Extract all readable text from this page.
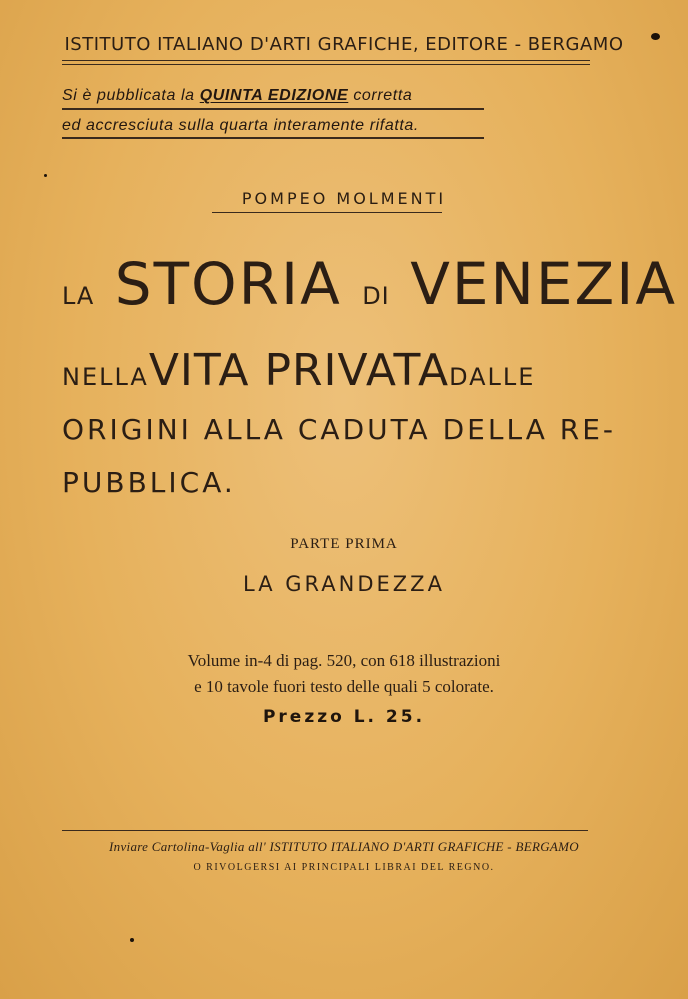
ISTITUTO ITALIANO D'ARTI GRAFICHE, EDITORE - BERGAMO
Si è pubblicata la QUINTA EDIZIONE corretta
ed accresciuta sulla quarta interamente rifatta.
POMPEO MOLMENTI
LA STORIA DI VENEZIA
NELLAVITA PRIVATADALLE
ORIGINI ALLA CADUTA DELLA RE-
PUBBLICA.
PARTE PRIMA
LA GRANDEZZA
Volume in-4 di pag. 520, con 618 illustrazioni
e 10 tavole fuori testo delle quali 5 colorate.
Prezzo L. 25.
Inviare Cartolina-Vaglia all' ISTITUTO ITALIANO D'ARTI GRAFICHE - BERGAMO
O RIVOLGERSI AI PRINCIPALI LIBRAI DEL REGNO.
